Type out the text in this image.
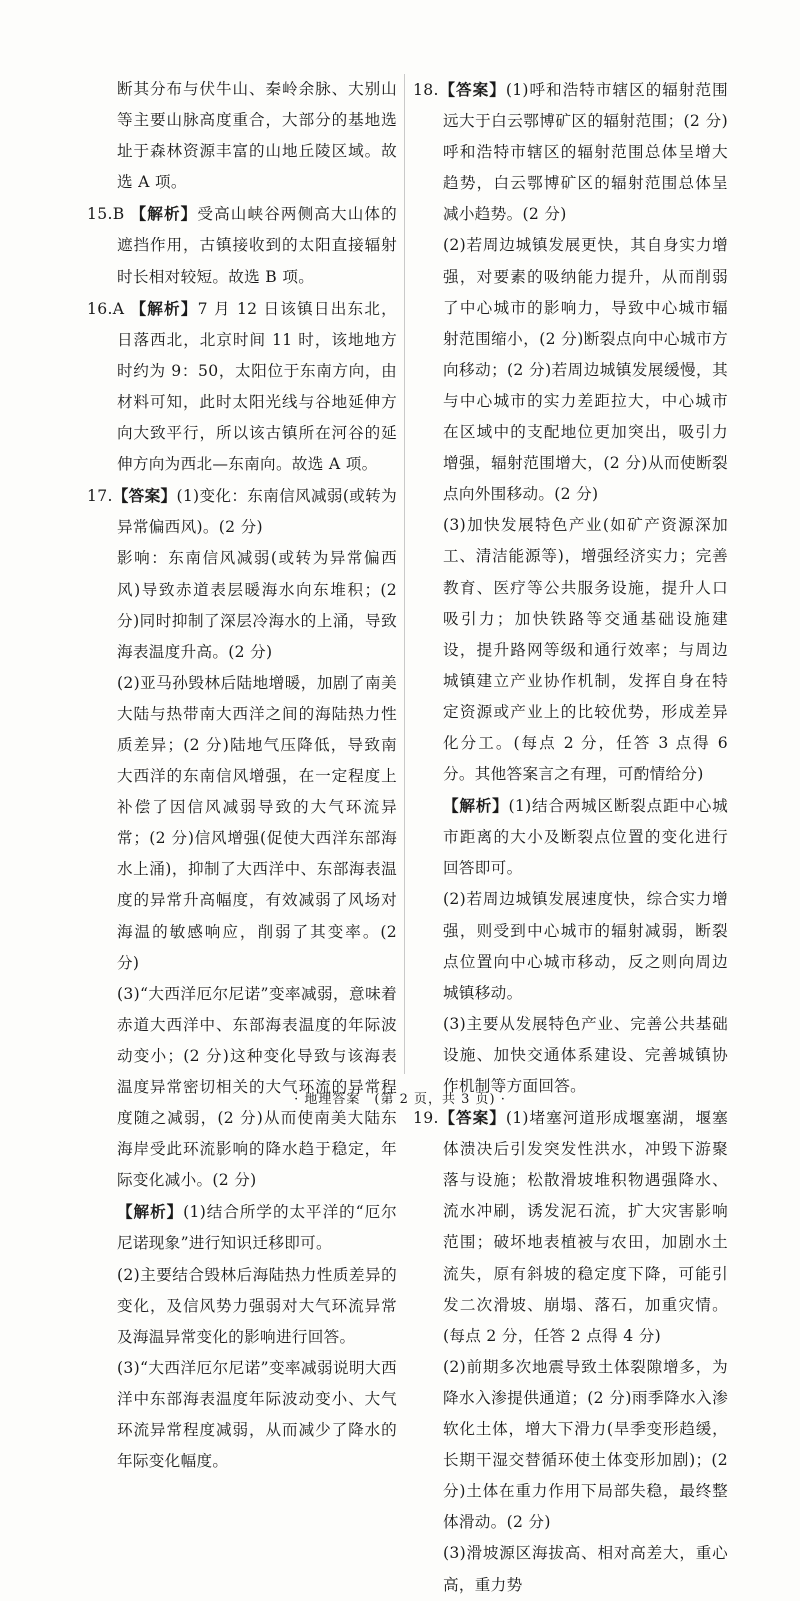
断其分布与伏牛山、秦岭余脉、大别山等主要山脉高度重合，大部分的基地选址于森林资源丰富的山地丘陵区域。故选 A 项。

15.B 【解析】受高山峡谷两侧高大山体的遮挡作用，古镇接收到的太阳直接辐射时长相对较短。故选 B 项。

16.A 【解析】7 月 12 日该镇日出东北，日落西北，北京时间 11 时，该地地方时约为 9：50，太阳位于东南方向，由材料可知，此时太阳光线与谷地延伸方向大致平行，所以该古镇所在河谷的延伸方向为西北—东南向。故选 A 项。

17.【答案】(1)变化：东南信风减弱(或转为异常偏西风)。(2 分)

影响：东南信风减弱(或转为异常偏西风)导致赤道表层暖海水向东堆积；(2 分)同时抑制了深层冷海水的上涌，导致海表温度升高。(2 分)

(2)亚马孙毁林后陆地增暖，加剧了南美大陆与热带南大西洋之间的海陆热力性质差异；(2 分)陆地气压降低，导致南大西洋的东南信风增强，在一定程度上补偿了因信风减弱导致的大气环流异常；(2 分)信风增强(促使大西洋东部海水上涌)，抑制了大西洋中、东部海表温度的异常升高幅度，有效减弱了风场对海温的敏感响应，削弱了其变率。(2 分)

(3)“大西洋厄尔尼诺”变率减弱，意味着赤道大西洋中、东部海表温度的年际波动变小；(2 分)这种变化导致与该海表温度异常密切相关的大气环流的异常程度随之减弱，(2 分)从而使南美大陆东海岸受此环流影响的降水趋于稳定，年际变化减小。(2 分)

【解析】(1)结合所学的太平洋的“厄尔尼诺现象”进行知识迁移即可。

(2)主要结合毁林后海陆热力性质差异的变化，及信风势力强弱对大气环流异常及海温异常变化的影响进行回答。

(3)“大西洋厄尔尼诺”变率减弱说明大西洋中东部海表温度年际波动变小、大气环流异常程度减弱，从而减少了降水的年际变化幅度。

18.【答案】(1)呼和浩特市辖区的辐射范围远大于白云鄂博矿区的辐射范围；(2 分)呼和浩特市辖区的辐射范围总体呈增大趋势，白云鄂博矿区的辐射范围总体呈减小趋势。(2 分)

(2)若周边城镇发展更快，其自身实力增强，对要素的吸纳能力提升，从而削弱了中心城市的影响力，导致中心城市辐射范围缩小，(2 分)断裂点向中心城市方向移动；(2 分)若周边城镇发展缓慢，其与中心城市的实力差距拉大，中心城市在区域中的支配地位更加突出，吸引力增强，辐射范围增大，(2 分)从而使断裂点向外围移动。(2 分)

(3)加快发展特色产业(如矿产资源深加工、清洁能源等)，增强经济实力；完善教育、医疗等公共服务设施，提升人口吸引力；加快铁路等交通基础设施建设，提升路网等级和通行效率；与周边城镇建立产业协作机制，发挥自身在特定资源或产业上的比较优势，形成差异化分工。(每点 2 分，任答 3 点得 6 分。其他答案言之有理，可酌情给分)

【解析】(1)结合两城区断裂点距中心城市距离的大小及断裂点位置的变化进行回答即可。

(2)若周边城镇发展速度快，综合实力增强，则受到中心城市的辐射减弱，断裂点位置向中心城市移动，反之则向周边城镇移动。

(3)主要从发展特色产业、完善公共基础设施、加快交通体系建设、完善城镇协作机制等方面回答。

19.【答案】(1)堵塞河道形成堰塞湖，堰塞体溃决后引发突发性洪水，冲毁下游聚落与设施；松散滑坡堆积物遇强降水、流水冲刷，诱发泥石流，扩大灾害影响范围；破坏地表植被与农田，加剧水土流失，原有斜坡的稳定度下降，可能引发二次滑坡、崩塌、落石，加重灾情。(每点 2 分，任答 2 点得 4 分)

(2)前期多次地震导致土体裂隙增多，为降水入渗提供通道；(2 分)雨季降水入渗软化土体，增大下滑力(旱季变形趋缓，长期干湿交替循环使土体变形加剧)；(2 分)土体在重力作用下局部失稳，最终整体滑动。(2 分)

(3)滑坡源区海拔高、相对高差大，重心高，重力势

· 地理答案　(第 2 页，共 3 页) ·
